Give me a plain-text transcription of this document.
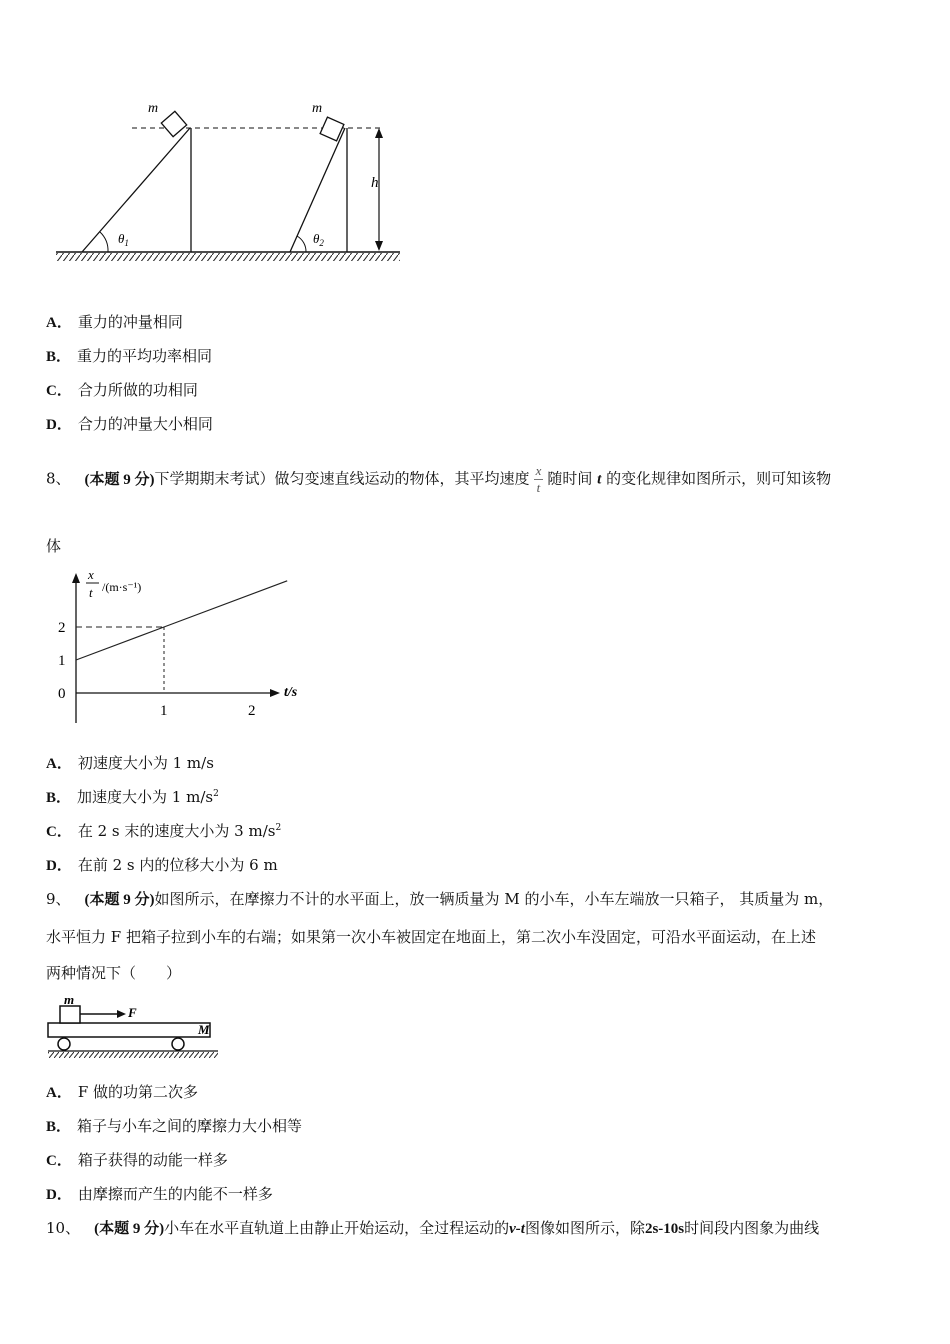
$\theta_1$
m
$\theta_2$
m
h
A． 重力的冲量相同
B． 重力的平均功率相同
C． 合力所做的功相同
D． 合力的冲量大小相同
8、 (本题 9 分)下学期期末考试）做匀变速直线运动的物体，其平均速度 $\frac{x}{t}$ 随时间 t 的变化规律如图所示，则可知该物
体
x
t /(m·s⁻¹)
t/s
1	2
0
1
2
A． 初速度大小为 1 m/s
B． 加速度大小为 1 $m/s^2$
C． 在 2 s 末的速度大小为 3 $m/s^2$
D． 在前 2 s 内的位移大小为 6 m
9、 (本题 9 分)如图所示，在摩擦力不计的水平面上，放一辆质量为 M 的小车，小车左端放一只箱子， 其质量为 m，
水平恒力 F 把箱子拉到小车的右端；如果第一次小车被固定在地面上，第二次小车没固定，可沿水平面运动，在上述
两种情况下（　　）
m
F
M
A． F 做的功第二次多
B． 箱子与小车之间的摩擦力大小相等
C． 箱子获得的动能一样多
D． 由摩擦而产生的内能不一样多
10、 (本题 9 分)小车在水平直轨道上由静止开始运动，全过程运动的v-t图像如图所示，除2s-10s时间段内图象为曲线
